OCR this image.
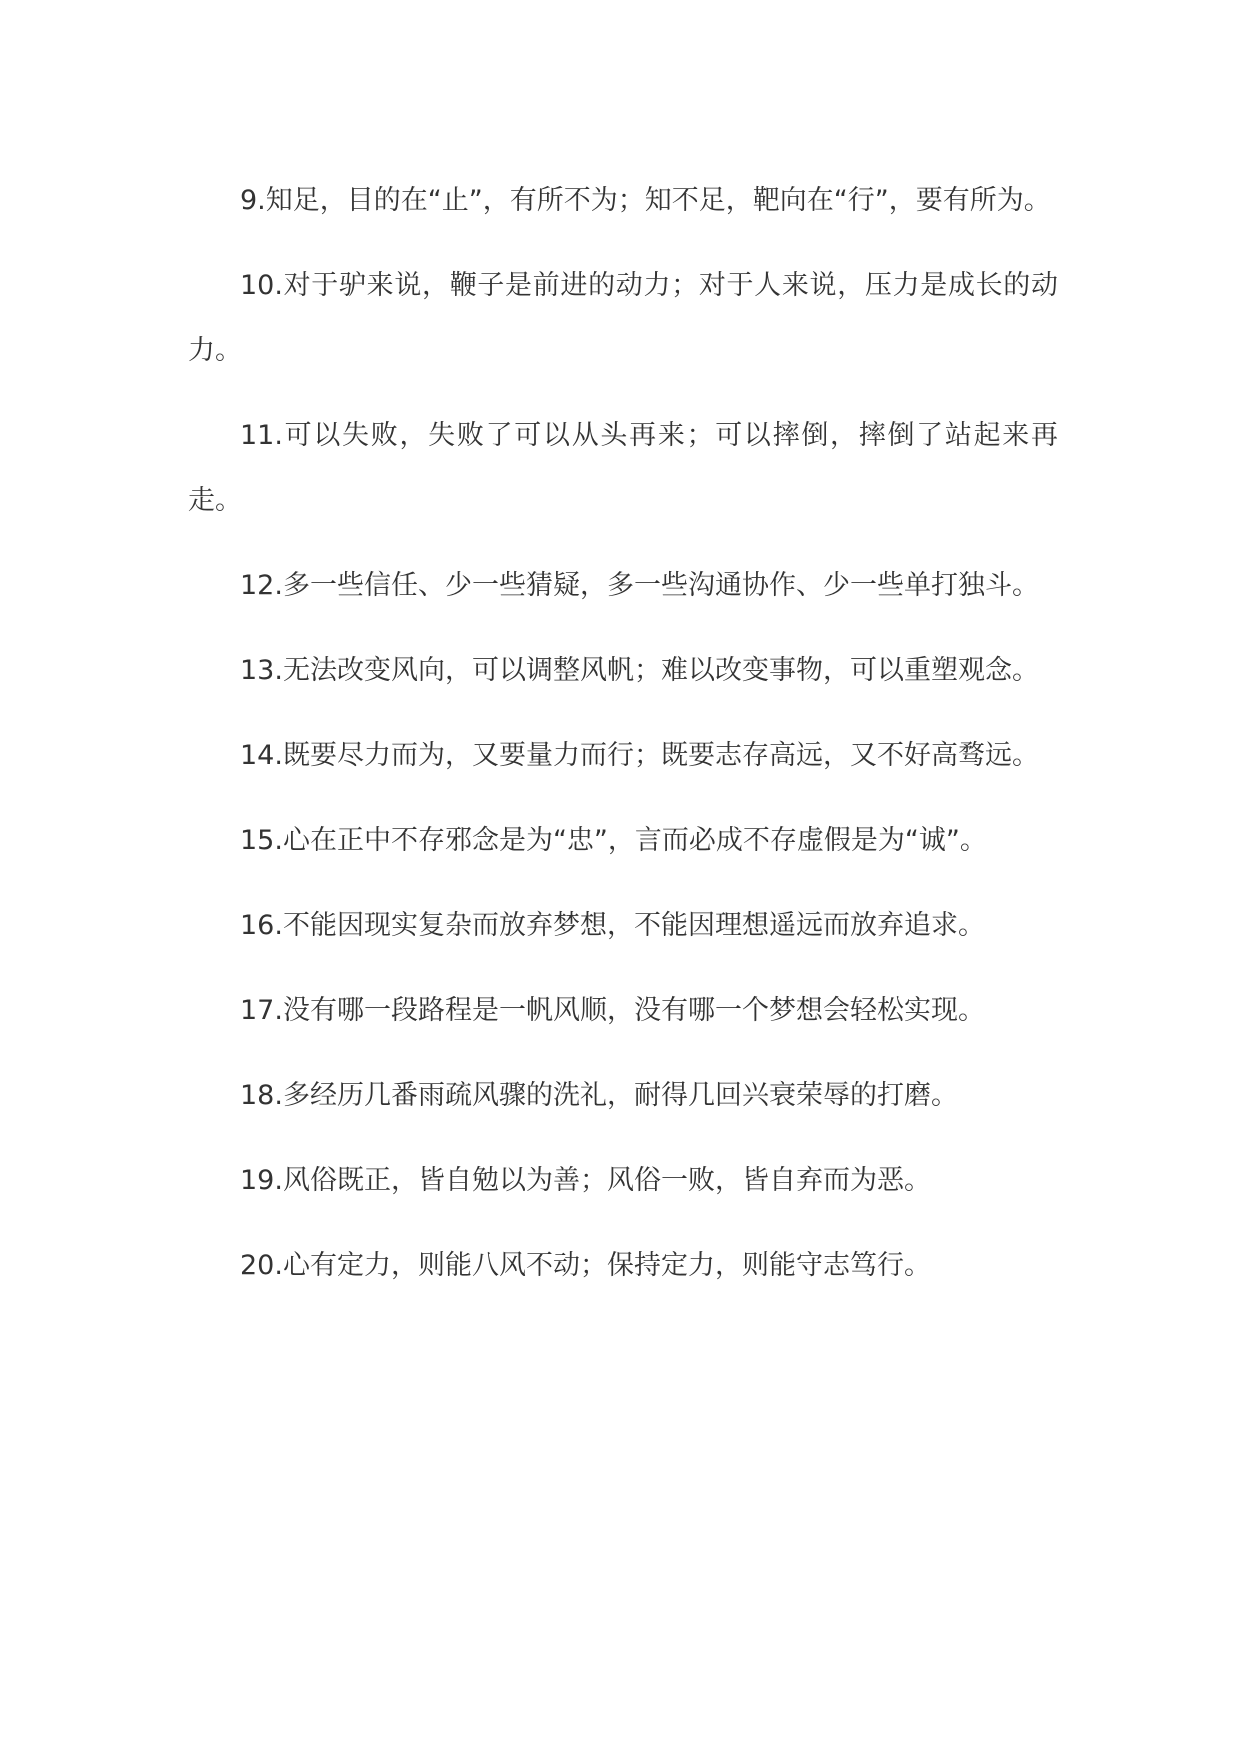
9.知足，目的在“止”，有所不为；知不足，靶向在“行”，要有所为。

10.对于驴来说，鞭子是前进的动力；对于人来说，压力是成长的动力。

11.可以失败，失败了可以从头再来；可以摔倒，摔倒了站起来再走。

12.多一些信任、少一些猜疑，多一些沟通协作、少一些单打独斗。

13.无法改变风向，可以调整风帆；难以改变事物，可以重塑观念。

14.既要尽力而为，又要量力而行；既要志存高远，又不好高骛远。

15.心在正中不存邪念是为“忠”，言而必成不存虚假是为“诚”。

16.不能因现实复杂而放弃梦想，不能因理想遥远而放弃追求。

17.没有哪一段路程是一帆风顺，没有哪一个梦想会轻松实现。

18.多经历几番雨疏风骤的洗礼，耐得几回兴衰荣辱的打磨。

19.风俗既正，皆自勉以为善；风俗一败，皆自弃而为恶。

20.心有定力，则能八风不动；保持定力，则能守志笃行。
